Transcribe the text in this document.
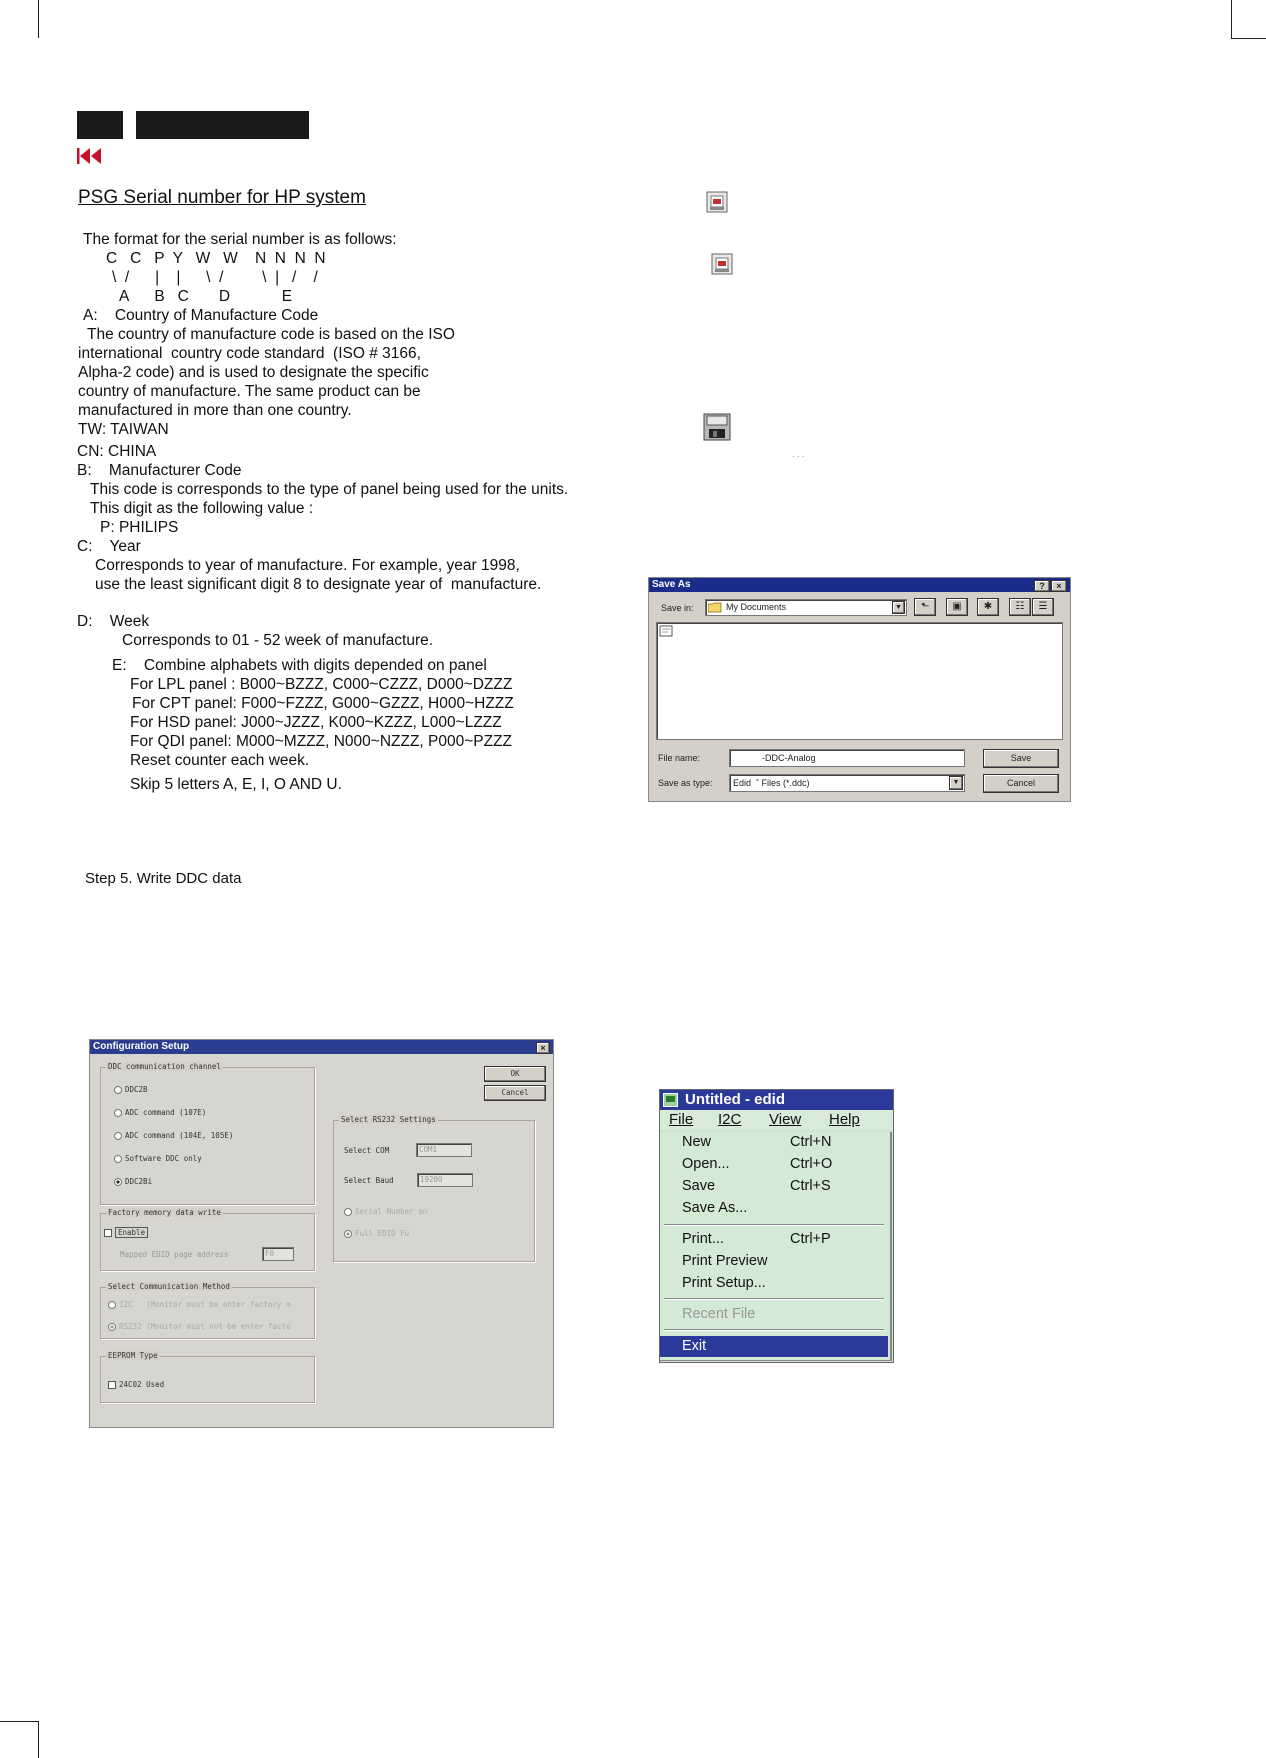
PSG Serial number for HP system
The format for the serial number is as follows:
C   C   P  Y   W   W    N  N  N  N
\  /      |    |      \  /         \  |   /    /
A      B   C       D            E
A:    Country of Manufacture Code
The country of manufacture code is based on the ISO
international  country code standard  (ISO # 3166,
Alpha-2 code) and is used to designate the specific
country of manufacture. The same product can be
manufactured in more than one country.
TW: TAIWAN
CN: CHINA
B:    Manufacturer Code
This code is corresponds to the type of panel being used for the units.
This digit as the following value :
P: PHILIPS
C:    Year
Corresponds to year of manufacture. For example, year 1998,
use the least significant digit 8 to designate year of  manufacture.
D:    Week
Corresponds to 01 - 52 week of manufacture.
E:    Combine alphabets with digits depended on panel
For LPL panel : B000~BZZZ, C000~CZZZ, D000~DZZZ
For CPT panel: F000~FZZZ, G000~GZZZ, H000~HZZZ
For HSD panel: J000~JZZZ, K000~KZZZ, L000~LZZZ
For QDI panel: M000~MZZZ, N000~NZZZ, P000~PZZZ
Reset counter each week.
Skip 5 letters A, E, I, O AND U.
Step 5. Write DDC data
. . .
Save As	?	×
Save in:	My Documents	▼	⬑	▣	✱	☷	☰
File name:	-DDC-Analog
Save as type: Edid  ˜ Files (*.ddc)	▼
Save
Cancel
Configuration Setup	×
OK
Cancel
DDC communication channel
DDC2B
ADC command (107E)
ADC command (104E, 105E)
Software DDC only
DDC2Bi
Select RS232 Settings
Select COM	COM1
Select Baud	19200
Serial Number on
Full EDID Fu
Factory memory data write
Enable
Mapped EDID page address	F0
Select Communication Method
I2C   (Monitor must be enter factory m
RS232 (Monitor must not be enter facto
EEPROM Type
24C02 Used
Untitled - edid
File I2C View Help
New	Ctrl+N
Open...	Ctrl+O
Save	Ctrl+S
Save As...
Print...	Ctrl+P
Print Preview
Print Setup...
Recent File
Exit
